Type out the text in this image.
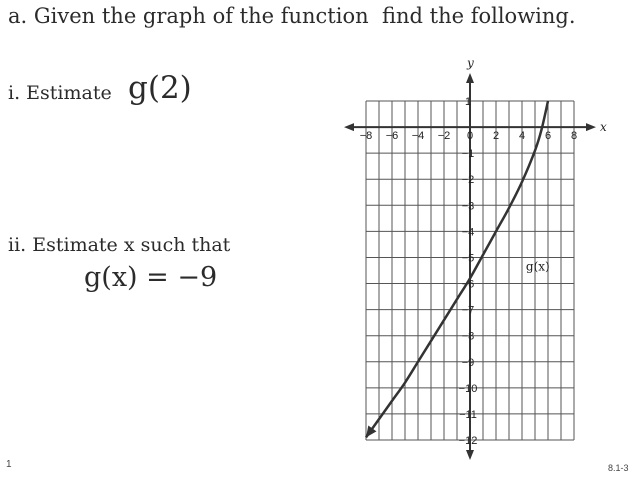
a. Given the graph of the function  find the following.
i. Estimate g(2)
ii. Estimate x such that
g(x) = −9
x
y
−8 −6 −4 −2 0 2 4 6 8
1
−1
−2
−3
−4
−5
−6
−7
−8
−9
−10
−11
−12
g(x)
1	8.1-3
